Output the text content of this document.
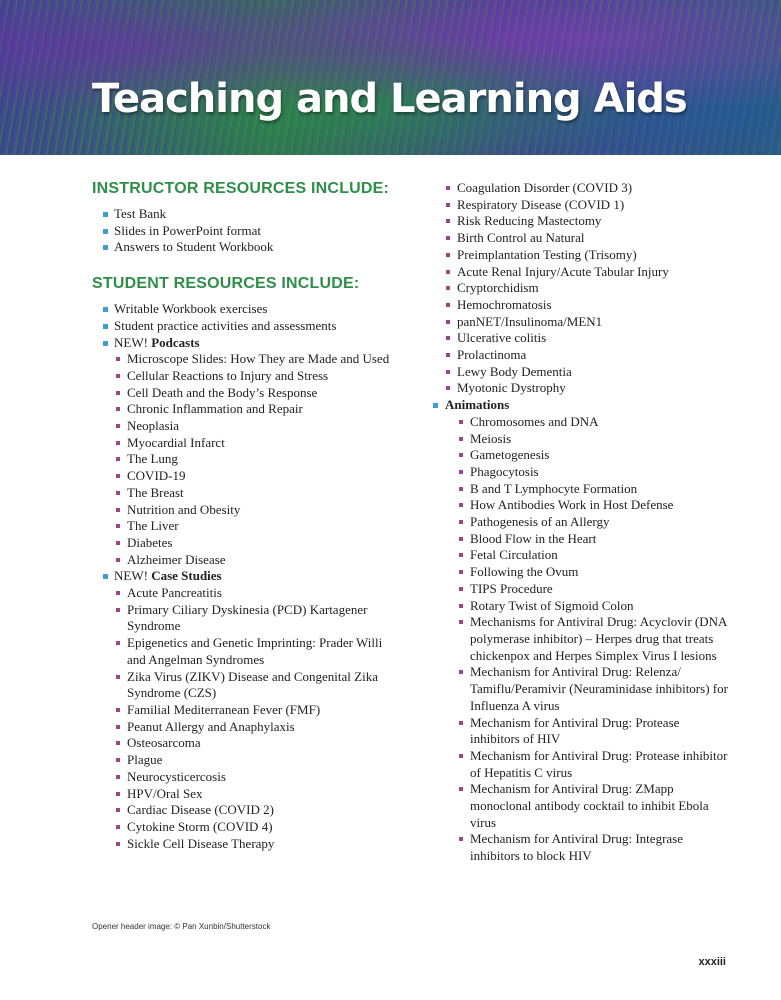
Teaching and Learning Aids
INSTRUCTOR RESOURCES INCLUDE:
Test Bank
Slides in PowerPoint format
Answers to Student Workbook
STUDENT RESOURCES INCLUDE:
Writable Workbook exercises
Student practice activities and assessments
NEW! Podcasts
Microscope Slides: How They are Made and Used
Cellular Reactions to Injury and Stress
Cell Death and the Body’s Response
Chronic Inflammation and Repair
Neoplasia
Myocardial Infarct
The Lung
COVID-19
The Breast
Nutrition and Obesity
The Liver
Diabetes
Alzheimer Disease
NEW! Case Studies
Acute Pancreatitis
Primary Ciliary Dyskinesia (PCD) Kartagener Syndrome
Epigenetics and Genetic Imprinting: Prader Willi and Angelman Syndromes
Zika Virus (ZIKV) Disease and Congenital Zika Syndrome (CZS)
Familial Mediterranean Fever (FMF)
Peanut Allergy and Anaphylaxis
Osteosarcoma
Plague
Neurocysticercosis
HPV/Oral Sex
Cardiac Disease (COVID 2)
Cytokine Storm (COVID 4)
Sickle Cell Disease Therapy
Coagulation Disorder (COVID 3)
Respiratory Disease (COVID 1)
Risk Reducing Mastectomy
Birth Control au Natural
Preimplantation Testing (Trisomy)
Acute Renal Injury/Acute Tabular Injury
Cryptorchidism
Hemochromatosis
panNET/Insulinoma/MEN1
Ulcerative colitis
Prolactinoma
Lewy Body Dementia
Myotonic Dystrophy
Animations
Chromosomes and DNA
Meiosis
Gametogenesis
Phagocytosis
B and T Lymphocyte Formation
How Antibodies Work in Host Defense
Pathogenesis of an Allergy
Blood Flow in the Heart
Fetal Circulation
Following the Ovum
TIPS Procedure
Rotary Twist of Sigmoid Colon
Mechanisms for Antiviral Drug: Acyclovir (DNA polymerase inhibitor) – Herpes drug that treats chickenpox and Herpes Simplex Virus I lesions
Mechanism for Antiviral Drug: Relenza/ Tamiflu/Peramivir (Neuraminidase inhibitors) for Influenza A virus
Mechanism for Antiviral Drug: Protease inhibitors of HIV
Mechanism for Antiviral Drug: Protease inhibitor of Hepatitis C virus
Mechanism for Antiviral Drug: ZMapp monoclonal antibody cocktail to inhibit Ebola virus
Mechanism for Antiviral Drug: Integrase inhibitors to block HIV
Opener header image: © Pan Xunbin/Shutterstock
xxxiii
